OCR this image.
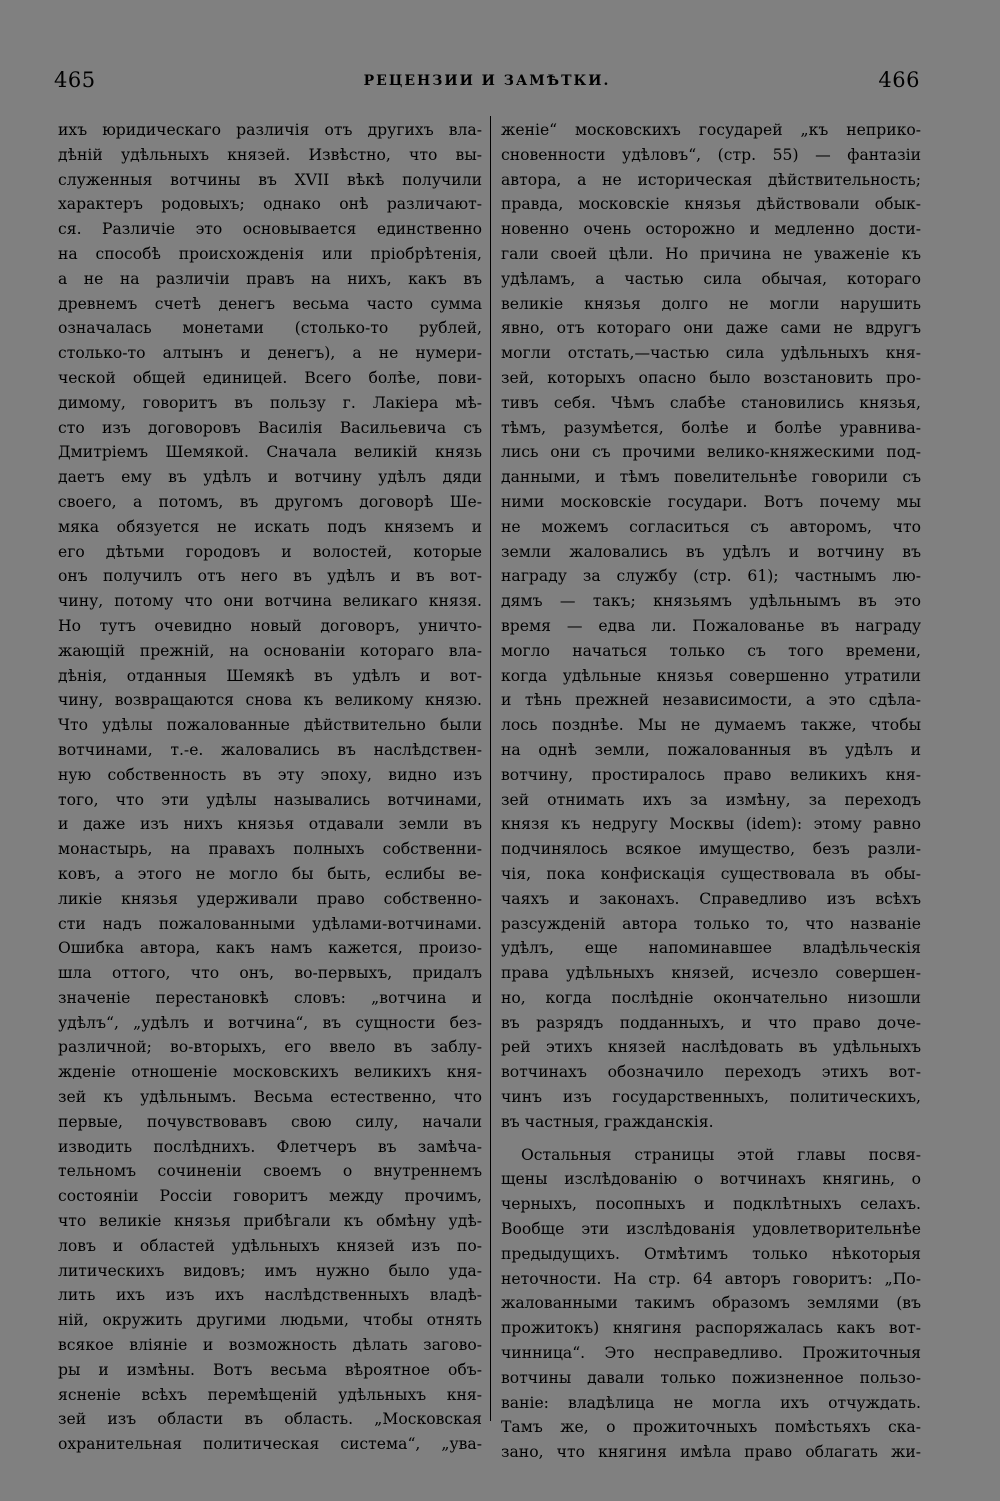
465	РЕЦЕНЗИИ И ЗАМѢТКИ.	466
ихъ юридическаго различія отъ другихъ вла-
дѣній удѣльныхъ князей. Извѣстно, что вы-
служенныя вотчины въ XVII вѣкѣ получили
характеръ родовыхъ; однако онѣ различают-
ся. Различіе это основывается единственно
на способѣ происхожденія или пріобрѣтенія,
а не на различіи правъ на нихъ, какъ въ
древнемъ счетѣ денегъ весьма часто сумма
означалась монетами (столько-то рублей,
столько-то алтынъ и денегъ), а не нумери-
ческой общей единицей. Всего болѣе, пови-
димому, говоритъ въ пользу г. Лакіера мѣ-
сто изъ договоровъ Василія Васильевича съ
Дмитріемъ Шемякой. Сначала великій князь
даетъ ему въ удѣлъ и вотчину удѣлъ дяди
своего, а потомъ, въ другомъ договорѣ Ше-
мяка обязуется не искать подъ княземъ и
его дѣтьми городовъ и волостей, которые
онъ получилъ отъ него въ удѣлъ и въ вот-
чину, потому что они вотчина великаго князя.
Но тутъ очевидно новый договоръ, уничто-
жающій прежній, на основаніи котораго вла-
дѣнія, отданныя Шемякѣ въ удѣлъ и вот-
чину, возвращаются снова къ великому князю.
Что удѣлы пожалованные дѣйствительно были
вотчинами, т.-е. жаловались въ наслѣдствен-
ную собственность въ эту эпоху, видно изъ
того, что эти удѣлы назывались вотчинами,
и даже изъ нихъ князья отдавали земли въ
монастырь, на правахъ полныхъ собственни-
ковъ, а этого не могло бы быть, еслибы ве-
ликіе князья удерживали право собственно-
сти надъ пожалованными удѣлами-вотчинами.
Ошибка автора, какъ намъ кажется, произо-
шла оттого, что онъ, во-первыхъ, придалъ
значеніе перестановкѣ словъ: „вотчина и
удѣлъ“, „удѣлъ и вотчина“, въ сущности без-
различной; во-вторыхъ, его ввело въ заблу-
жденіе отношеніе московскихъ великихъ кня-
зей къ удѣльнымъ. Весьма естественно, что
первые, почувствовавъ свою силу, начали
изводить послѣднихъ. Флетчеръ въ замѣча-
тельномъ сочиненіи своемъ о внутреннемъ
состояніи Россіи говоритъ между прочимъ,
что великіе князья прибѣгали къ обмѣну удѣ-
ловъ и областей удѣльныхъ князей изъ по-
литическихъ видовъ; имъ нужно было уда-
лить ихъ изъ ихъ наслѣдственныхъ владѣ-
ній, окружить другими людьми, чтобы отнять
всякое вліяніе и возможность дѣлать загово-
ры и измѣны. Вотъ весьма вѣроятное объ-
ясненіе всѣхъ перемѣщеній удѣльныхъ кня-
зей изъ области въ область. „Московская
охранительная политическая система“, „ува-
женіе“ московскихъ государей „къ неприко-
сновенности удѣловъ“, (стр. 55) — фантазіи
автора, а не историческая дѣйствительность;
правда, московскіе князья дѣйствовали обык-
новенно очень осторожно и медленно дости-
гали своей цѣли. Но причина не уваженіе къ
удѣламъ, а частью сила обычая, котораго
великіе князья долго не могли нарушить
явно, отъ котораго они даже сами не вдругъ
могли отстать,—частью сила удѣльныхъ кня-
зей, которыхъ опасно было возстановить про-
тивъ себя. Чѣмъ слабѣе становились князья,
тѣмъ, разумѣется, болѣе и болѣе уравнива-
лись они съ прочими велико-княжескими под-
данными, и тѣмъ повелительнѣе говорили съ
ними московскіе государи. Вотъ почему мы
не можемъ согласиться съ авторомъ, что
земли жаловались въ удѣлъ и вотчину въ
награду за службу (стр. 61); частнымъ лю-
дямъ — такъ; князьямъ удѣльнымъ въ это
время — едва ли. Пожалованье въ награду
могло начаться только съ того времени,
когда удѣльные князья совершенно утратили
и тѣнь прежней независимости, а это сдѣла-
лось позднѣе. Мы не думаемъ также, чтобы
на однѣ земли, пожалованныя въ удѣлъ и
вотчину, простиралось право великихъ кня-
зей отнимать ихъ за измѣну, за переходъ
князя къ недругу Москвы (idem): этому равно
подчинялось всякое имущество, безъ разли-
чія, пока конфискація существовала въ обы-
чаяхъ и законахъ. Справедливо изъ всѣхъ
разсужденій автора только то, что названіе
удѣлъ, еще напоминавшее владѣльческія
права удѣльныхъ князей, исчезло совершен-
но, когда послѣдніе окончательно низошли
въ разрядъ подданныхъ, и что право доче-
рей этихъ князей наслѣдовать въ удѣльныхъ
вотчинахъ обозначило переходъ этихъ вот-
чинъ изъ государственныхъ, политическихъ,
въ частныя, гражданскія.
Остальныя страницы этой главы посвя-
щены изслѣдованію о вотчинахъ княгинь, о
черныхъ, посопныхъ и подклѣтныхъ селахъ.
Вообще эти изслѣдованія удовлетворительнѣе
предыдущихъ. Отмѣтимъ только нѣкоторыя
неточности. На стр. 64 авторъ говоритъ: „По-
жалованными такимъ образомъ землями (въ
прожитокъ) княгиня распоряжалась какъ вот-
чинница“. Это несправедливо. Прожиточныя
вотчины давали только пожизненное пользо-
ваніе: владѣлица не могла ихъ отчуждать.
Тамъ же, о прожиточныхъ помѣстьяхъ ска-
зано, что княгиня имѣла право облагать жи-
